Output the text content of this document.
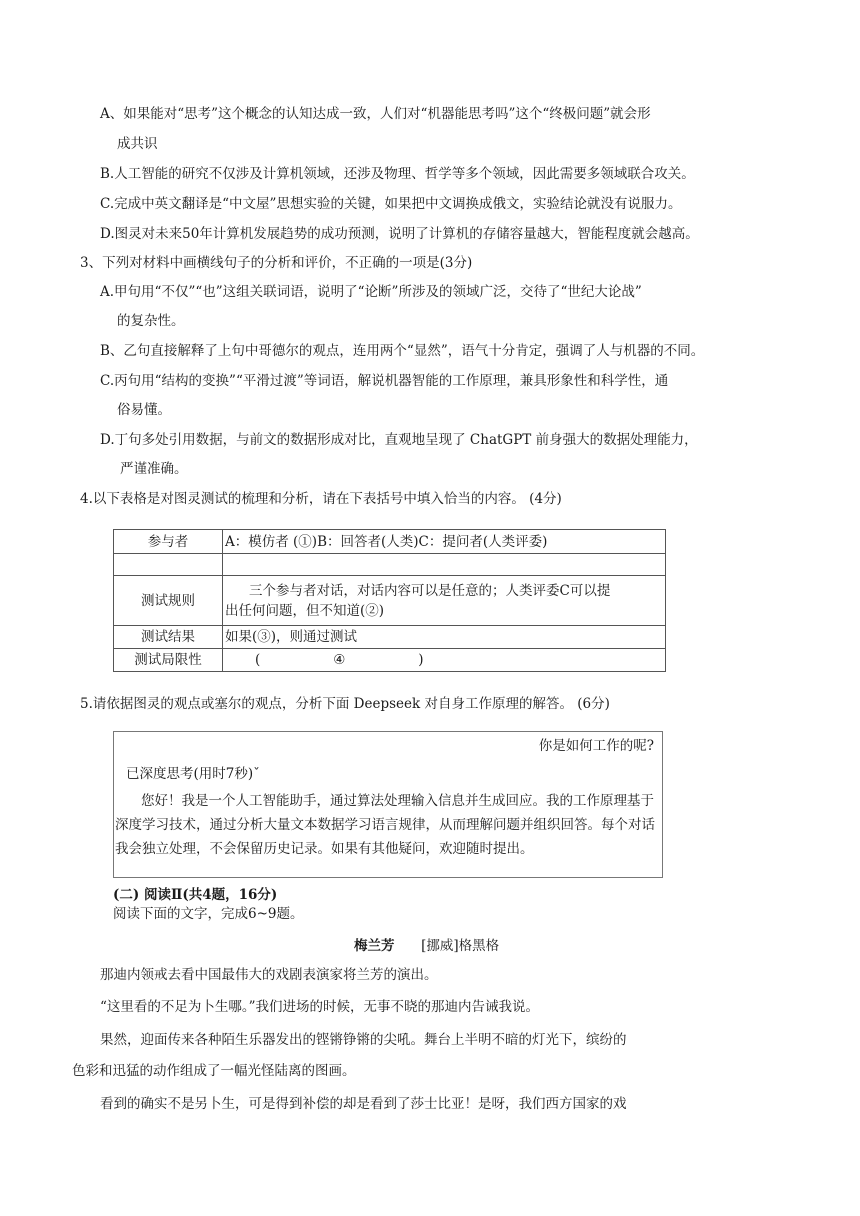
A、如果能对“思考”这个概念的认知达成一致，人们对“机器能思考吗”这个“终极问题”就会形
成共识
B.人工智能的研究不仅涉及计算机领域，还涉及物理、哲学等多个领域，因此需要多领域联合攻关。
C.完成中英文翻译是“中文屋”思想实验的关键，如果把中文调换成俄文，实验结论就没有说服力。
D.图灵对未来50年计算机发展趋势的成功预测，说明了计算机的存储容量越大，智能程度就会越高。
3、下列对材料中画横线句子的分析和评价，不正确的一项是(3分)
A.甲句用“不仅”“也”这组关联词语，说明了“论断”所涉及的领域广泛，交待了“世纪大论战”
的复杂性。
B、乙句直接解释了上句中哥德尔的观点，连用两个“显然”，语气十分肯定，强调了人与机器的不同。
C.丙句用“结构的变换”“平滑过渡”等词语，解说机器智能的工作原理，兼具形象性和科学性，通
俗易懂。
D.丁句多处引用数据，与前文的数据形成对比，直观地呈现了 ChatGPT 前身强大的数据处理能力，
严谨准确。
4.以下表格是对图灵测试的梳理和分析，请在下表括号中填入恰当的内容。 (4分)
参与者	A：模仿者 (①)B：回答者(人类)C：提问者(人类评委)

测试规则	三个参与者对话，对话内容可以是任意的；人类评委C可以提
出任何问题，但不知道(②)

测试结果	如果(③)，则通过测试
测试局限性	(                 ④                 )
5.请依据图灵的观点或塞尔的观点，分析下面 Deepseek 对自身工作原理的解答。 (6分)
你是如何工作的呢?
已深度思考(用时7秒)ˇ
您好！我是一个人工智能助手，通过算法处理输入信息并生成回应。我的工作原理基于深度学习技术，通过分析大量文本数据学习语言规律，从而理解问题并组织回答。每个对话我会独立处理，不会保留历史记录。如果有其他疑问，欢迎随时提出。
(二) 阅读Ⅱ(共4题，16分)
阅读下面的文字，完成6~9题。
梅兰芳 [挪威]格黑格
那迪内领戒去看中国最伟大的戏剧表演家将兰芳的演出。
“这里看的不足为卜生哪。”我们进场的时候，无事不晓的那迪内告诫我说。
果然，迎面传来各种陌生乐器发出的铿锵铮锵的尖吼。舞台上半明不暗的灯光下，缤纷的
色彩和迅猛的动作组成了一幅光怪陆离的图画。
看到的确实不是另卜生，可是得到补偿的却是看到了莎士比亚！是呀，我们西方国家的戏
